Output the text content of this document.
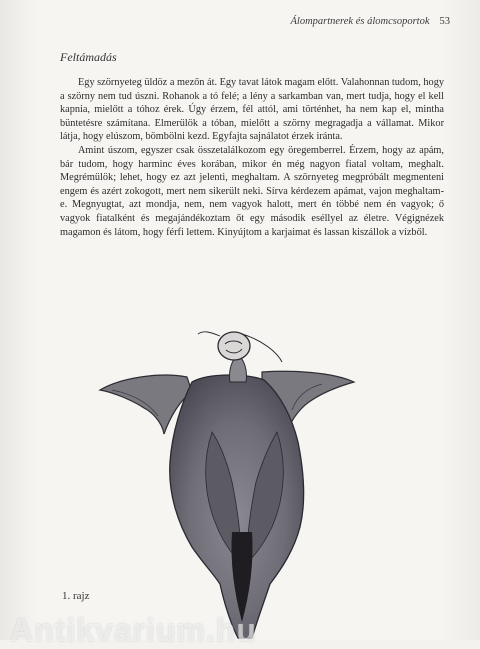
Álompartnerek és álomcsoportok 53
Feltámadás

Egy szörnyeteg üldöz a mezőn át. Egy tavat látok magam előtt. Valahonnan tudom, hogy a szörny nem tud úszni. Rohanok a tó felé; a lény a sarkamban van, mert tudja, hogy el kell kapnia, mielőtt a tóhoz érek. Úgy érzem, fél attól, ami történhet, ha nem kap el, mintha büntetésre számítana. Elmerülök a tóban, mielőtt a szörny megragadja a vállamat. Mikor látja, hogy elúszom, bömbölni kezd. Egyfajta sajnálatot érzek iránta.

Amint úszom, egyszer csak összetalálkozom egy öregemberrel. Érzem, hogy az apám, bár tudom, hogy harminc éves korában, mikor én még nagyon fiatal voltam, meghalt. Megrémülök; lehet, hogy ez azt jelenti, meghaltam. A szörnyeteg megpróbált megmenteni engem és azért zokogott, mert nem sikerült neki. Sírva kérdezem apámat, vajon meghaltam-e. Megnyugtat, azt mondja, nem, nem vagyok halott, mert én többé nem én vagyok; ő vagyok fiatalként és megajándékoztam őt egy második eséllyel az életre. Végignézek magamon és látom, hogy férfi lettem. Kinyújtom a karjaimat és lassan kiszállok a vízből.

1. rajz
Antikvarium.hu
